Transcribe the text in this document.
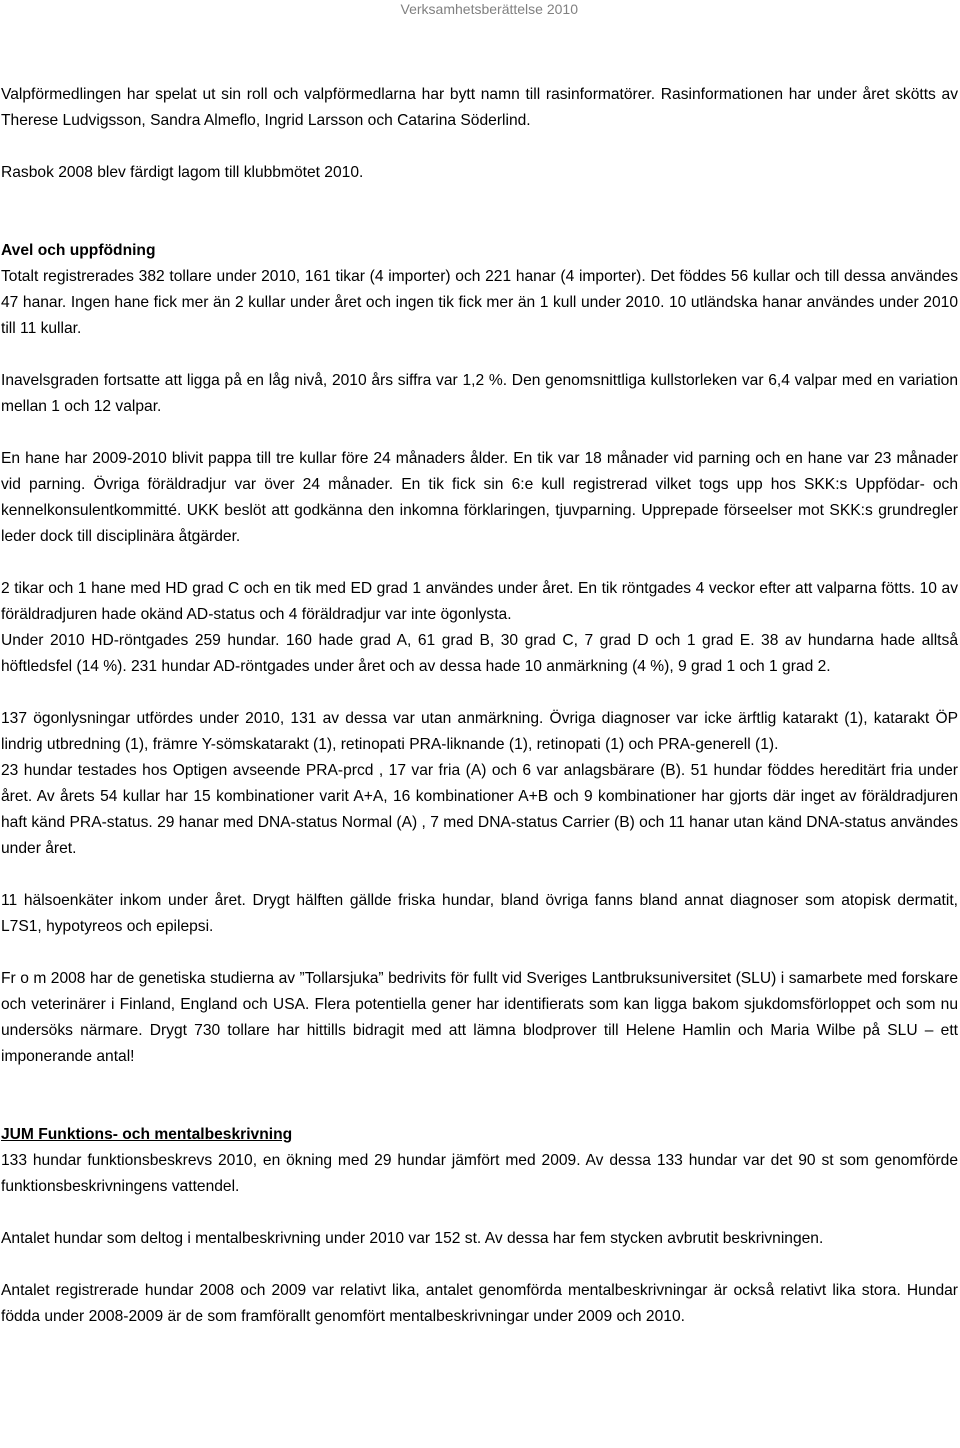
Verksamhetsberättelse 2010

Valpförmedlingen har spelat ut sin roll och valpförmedlarna har bytt namn till rasinformatörer. Rasinformationen har under året skötts av Therese Ludvigsson, Sandra Almeflo, Ingrid Larsson och Catarina Söderlind.

Rasbok 2008 blev färdigt lagom till klubbmötet 2010.

Avel och uppfödning

Totalt registrerades 382 tollare under 2010, 161 tikar (4 importer) och 221 hanar (4 importer). Det föddes 56 kullar och till dessa användes 47 hanar. Ingen hane fick mer än 2 kullar under året och ingen tik fick mer än 1 kull under 2010. 10 utländska hanar användes under 2010 till 11 kullar.

Inavelsgraden fortsatte att ligga på en låg nivå, 2010 års siffra var 1,2 %. Den genomsnittliga kullstorleken var 6,4 valpar med en variation mellan 1 och 12 valpar.

En hane har 2009-2010 blivit pappa till tre kullar före 24 månaders ålder. En tik var 18 månader vid parning och en hane var 23 månader vid parning. Övriga föräldradjur var över 24 månader. En tik fick sin 6:e kull registrerad vilket togs upp hos SKK:s Uppfödar- och kennelkonsulentkommitté. UKK beslöt att godkänna den inkomna förklaringen, tjuvparning. Upprepade förseelser mot SKK:s grundregler leder dock till disciplinära åtgärder.

2 tikar och 1 hane med HD grad C och en tik med ED grad 1 användes under året. En tik röntgades 4 veckor efter att valparna fötts. 10 av föräldradjuren hade okänd AD-status och 4 föräldradjur var inte ögonlysta.

Under 2010 HD-röntgades 259 hundar. 160 hade grad A, 61 grad B, 30 grad C, 7 grad D och 1 grad E. 38 av hundarna hade alltså höftledsfel (14 %). 231 hundar AD-röntgades under året och av dessa hade 10 anmärkning (4 %), 9 grad 1 och 1 grad 2.

137 ögonlysningar utfördes under 2010, 131 av dessa var utan anmärkning. Övriga diagnoser var icke ärftlig katarakt (1), katarakt ÖP lindrig utbredning (1), främre Y-sömskatarakt (1), retinopati PRA-liknande (1), retinopati (1) och PRA-generell (1).

23 hundar testades hos Optigen avseende PRA-prcd , 17 var fria (A) och 6 var anlagsbärare (B). 51 hundar föddes hereditärt fria under året. Av årets 54 kullar har 15 kombinationer varit A+A, 16 kombinationer A+B och 9 kombinationer har gjorts där inget av föräldradjuren haft känd PRA-status. 29 hanar med DNA-status Normal (A) , 7 med DNA-status Carrier (B) och 11 hanar utan känd DNA-status användes under året.

11 hälsoenkäter inkom under året. Drygt hälften gällde friska hundar, bland övriga fanns bland annat diagnoser som atopisk dermatit, L7S1, hypotyreos och epilepsi.

Fr o m 2008 har de genetiska studierna av ”Tollarsjuka” bedrivits för fullt vid Sveriges Lantbruksuniversitet (SLU) i samarbete med forskare och veterinärer i Finland, England och USA. Flera potentiella gener har identifierats som kan ligga bakom sjukdomsförloppet och som nu undersöks närmare. Drygt 730 tollare har hittills bidragit med att lämna blodprover till Helene Hamlin och Maria Wilbe på SLU – ett imponerande antal!

JUM Funktions- och mentalbeskrivning

133 hundar funktionsbeskrevs 2010, en ökning med 29 hundar jämfört med 2009. Av dessa 133 hundar var det 90 st som genomförde funktionsbeskrivningens vattendel.

Antalet hundar som deltog i mentalbeskrivning under 2010 var 152 st. Av dessa har fem stycken avbrutit beskrivningen.

Antalet registrerade hundar 2008 och 2009 var relativt lika, antalet genomförda mentalbeskrivningar är också relativt lika stora. Hundar födda under 2008-2009 är de som framförallt genomfört mentalbeskrivningar under 2009 och 2010.
